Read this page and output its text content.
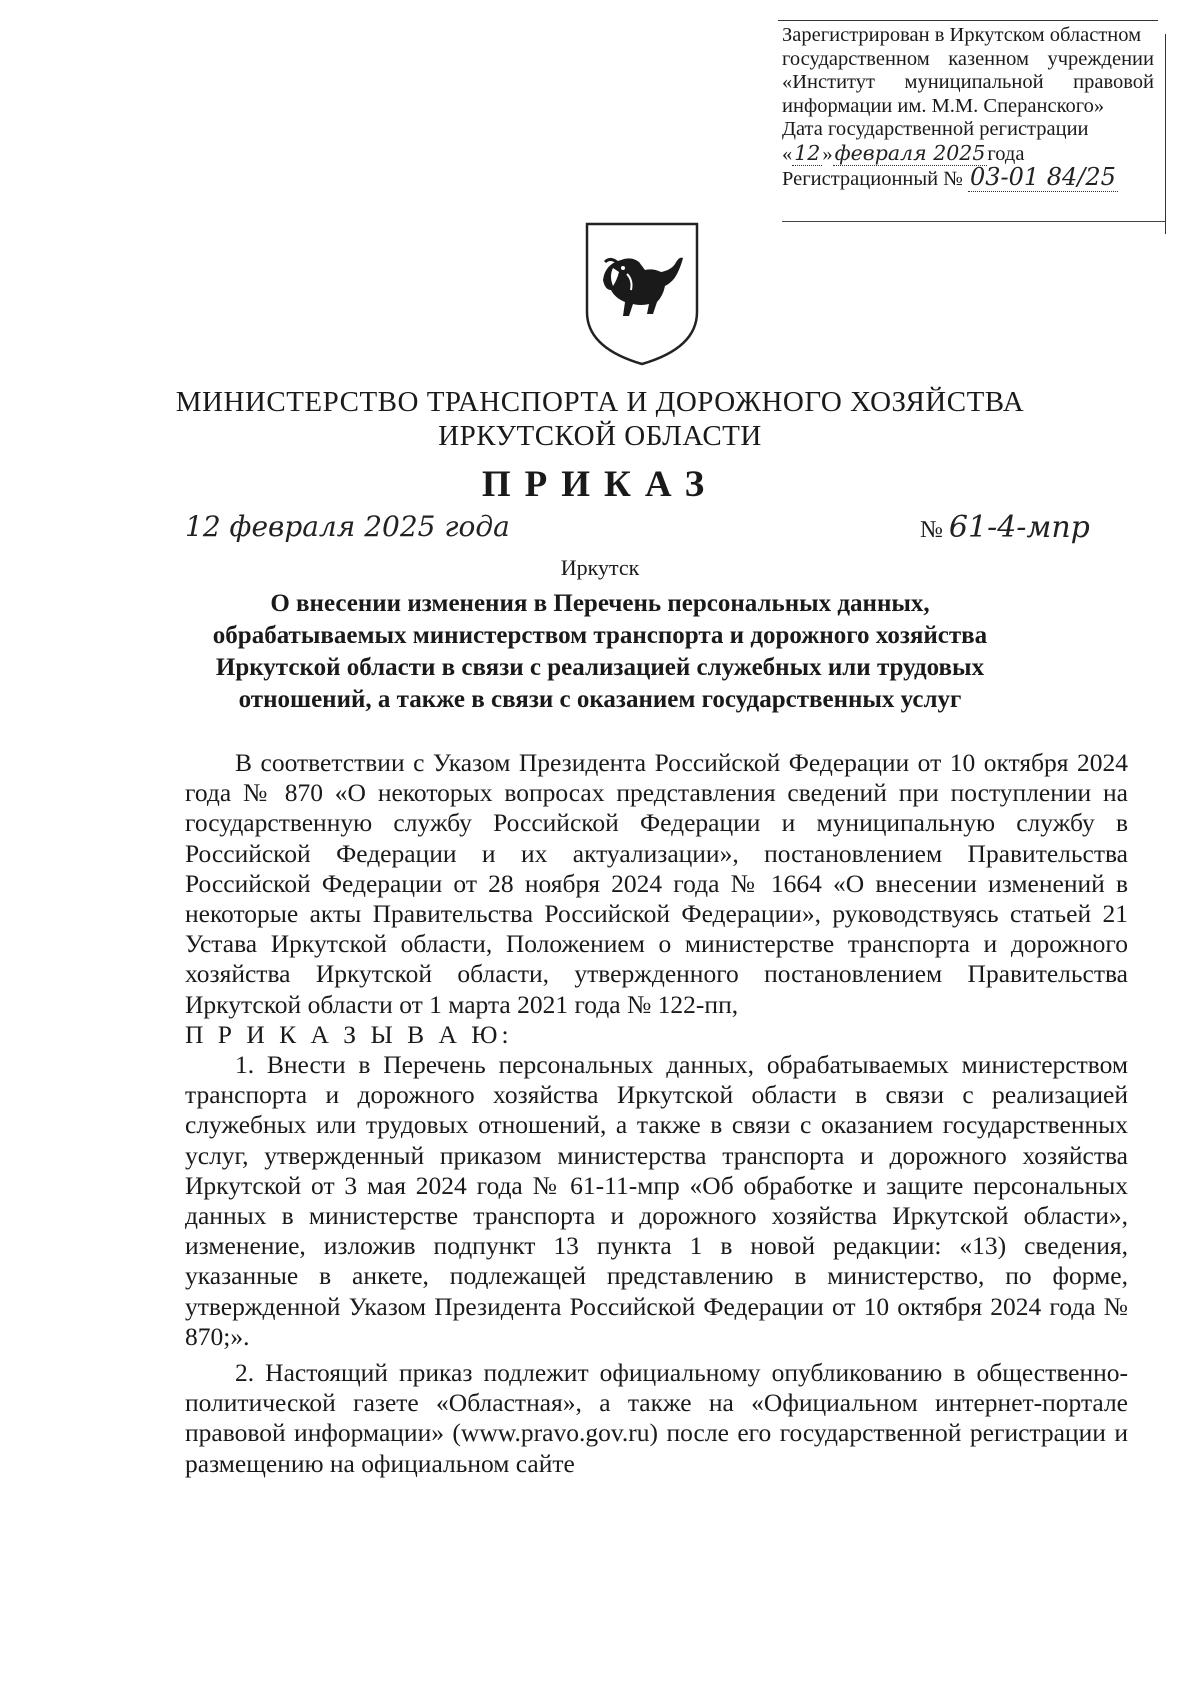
Зарегистрирован в Иркутском областном
государственном казенном учреждении
«Институт муниципальной правовой
информации им. М.М. Сперанского»
Дата государственной регистрации
«12»февраля 2025года
Регистрационный № 03-01 84/25
МИНИСТЕРСТВО ТРАНСПОРТА И ДОРОЖНОГО ХОЗЯЙСТВА
ИРКУТСКОЙ ОБЛАСТИ
ПРИКАЗ
12 февраля 2025 года	№ 61-4-мпр
Иркутск
О внесении изменения в Перечень персональных данных,
обрабатываемых министерством транспорта и дорожного хозяйства
Иркутской области в связи с реализацией служебных или трудовых
отношений, а также в связи с оказанием государственных услуг

В соответствии с Указом Президента Российской Федерации от 10 октября 2024 года № 870 «О некоторых вопросах представления сведений при поступлении на государственную службу Российской Федерации и муниципальную службу в Российской Федерации и их актуализации», постановлением Правительства Российской Федерации от 28 ноября 2024 года № 1664 «О внесении изменений в некоторые акты Правительства Российской Федерации», руководствуясь статьей 21 Устава Иркутской области, Положением о министерстве транспорта и дорожного хозяйства Иркутской области, утвержденного постановлением Правительства Иркутской области от 1 марта 2021 года № 122-пп,

П Р И К А З Ы В А Ю:

1. Внести в Перечень персональных данных, обрабатываемых министерством транспорта и дорожного хозяйства Иркутской области в связи с реализацией служебных или трудовых отношений, а также в связи с оказанием государственных услуг, утвержденный приказом министерства транспорта и дорожного хозяйства Иркутской от 3 мая 2024 года № 61-11-мпр «Об обработке и защите персональных данных в министерстве транспорта и дорожного хозяйства Иркутской области», изменение, изложив подпункт 13 пункта 1 в новой редакции: «13) сведения, указанные в анкете, подлежащей представлению в министерство, по форме, утвержденной Указом Президента Российской Федерации от 10 октября 2024 года № 870;».

2. Настоящий приказ подлежит официальному опубликованию в общественно-политической газете «Областная», а также на «Официальном интернет-портале правовой информации» (www.pravo.gov.ru) после его государственной регистрации и размещению на официальном сайте
